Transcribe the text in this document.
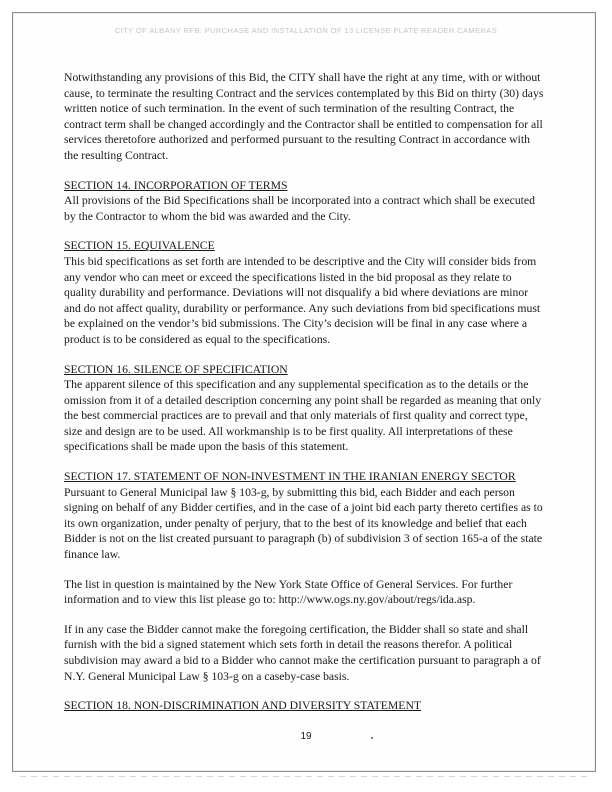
CITY OF ALBANY RFB: PURCHASE AND INSTALLATION OF 13 LICENSE PLATE READER CAMERAS

Notwithstanding any provisions of this Bid, the CITY shall have the right at any time, with or without cause, to terminate the resulting Contract and the services contemplated by this Bid on thirty (30) days written notice of such termination. In the event of such termination of the resulting Contract, the contract term shall be changed accordingly and the Contractor shall be entitled to compensation for all services theretofore authorized and performed pursuant to the resulting Contract in accordance with the resulting Contract.

SECTION 14. INCORPORATION OF TERMS

All provisions of the Bid Specifications shall be incorporated into a contract which shall be executed by the Contractor to whom the bid was awarded and the City.

SECTION 15. EQUIVALENCE

This bid specifications as set forth are intended to be descriptive and the City will consider bids from any vendor who can meet or exceed the specifications listed in the bid proposal as they relate to quality durability and performance. Deviations will not disqualify a bid where deviations are minor and do not affect quality, durability or performance. Any such deviations from bid specifications must be explained on the vendor’s bid submissions. The City’s decision will be final in any case where a product is to be considered as equal to the specifications.

SECTION 16. SILENCE OF SPECIFICATION

The apparent silence of this specification and any supplemental specification as to the details or the omission from it of a detailed description concerning any point shall be regarded as meaning that only the best commercial practices are to prevail and that only materials of first quality and correct type, size and design are to be used. All workmanship is to be first quality. All interpretations of these specifications shall be made upon the basis of this statement.

SECTION 17. STATEMENT OF NON-INVESTMENT IN THE IRANIAN ENERGY SECTOR

Pursuant to General Municipal law § 103-g, by submitting this bid, each Bidder and each person signing on behalf of any Bidder certifies, and in the case of a joint bid each party thereto certifies as to its own organization, under penalty of perjury, that to the best of its knowledge and belief that each Bidder is not on the list created pursuant to paragraph (b) of subdivision 3 of section 165-a of the state finance law.

The list in question is maintained by the New York State Office of General Services. For further information and to view this list please go to: http://www.ogs.ny.gov/about/regs/ida.asp.

If in any case the Bidder cannot make the foregoing certification, the Bidder shall so state and shall furnish with the bid a signed statement which sets forth in detail the reasons therefor. A political subdivision may award a bid to a Bidder who cannot make the certification pursuant to paragraph a of N.Y. General Municipal Law § 103-g on a caseby-case basis.

SECTION 18. NON-DISCRIMINATION AND DIVERSITY STATEMENT

19
